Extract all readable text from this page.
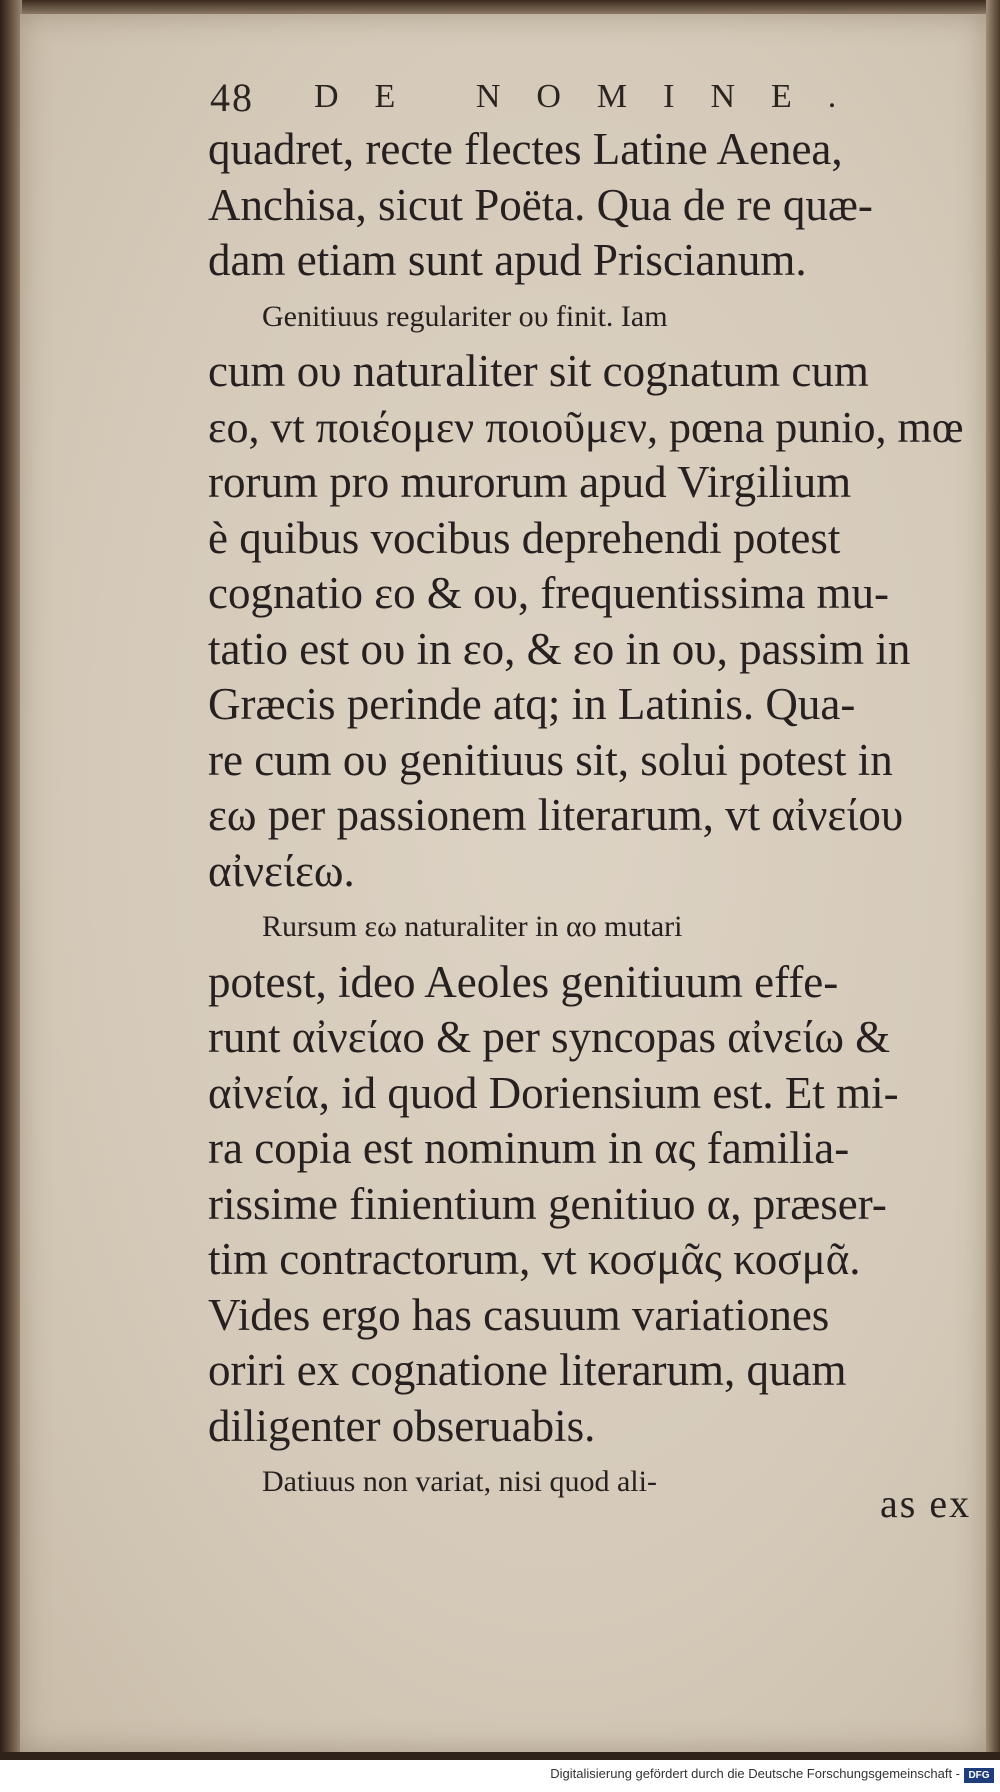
48 DE NOMINE.
quadret, recte flectes Latine Aenea,
Anchisa, sicut Poëta. Qua de re quæ-
dam etiam sunt apud Priscianum.
Genitiuus regulariter ου finit. Iam
cum ου naturaliter sit cognatum cum
εο, vt ποιέομεν ποιοῦμεν, pœna punio, mœ
rorum pro murorum apud Virgilium
è quibus vocibus deprehendi potest
cognatio εο & ου, frequentissima mu-
tatio est ου in εο, & εο in ου, passim in
Græcis perinde atq; in Latinis. Qua-
re cum ου genitiuus sit, solui potest in
εω per passionem literarum, vt αἰνείου
αἰνείεω.
Rursum εω naturaliter in αο mutari
potest, ideo Aeoles genitiuum effe-
runt αἰνείαο & per syncopas αἰνείω &
αἰνεία, id quod Doriensium est. Et mi-
ra copia est nominum in ας familia-
rissime finientium genitiuo α, præser-
tim contractorum, vt κοσμᾶς κοσμᾶ.
Vides ergo has casuum variationes
oriri ex cognatione literarum, quam
diligenter obseruabis.
Datiuus non variat, nisi quod ali-	as ex
Digitalisierung gefördert durch die Deutsche Forschungsgemeinschaft - DFG
